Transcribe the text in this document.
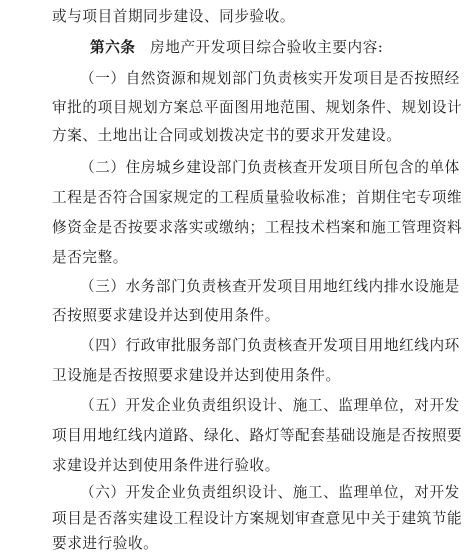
或与项目首期同步建设、同步验收。
第六条 房地产开发项目综合验收主要内容:
（一）自然资源和规划部门负责核实开发项目是否按照经
审批的项目规划方案总平面图用地范围、规划条件、规划设计
方案、土地出让合同或划拨决定书的要求开发建设。
（二）住房城乡建设部门负责核查开发项目所包含的单体
工程是否符合国家规定的工程质量验收标准；首期住宅专项维
修资金是否按要求落实或缴纳；工程技术档案和施工管理资料
是否完整。
（三）水务部门负责核查开发项目用地红线内排水设施是
否按照要求建设并达到使用条件。
（四）行政审批服务部门负责核查开发项目用地红线内环
卫设施是否按照要求建设并达到使用条件。
（五）开发企业负责组织设计、施工、监理单位，对开发
项目用地红线内道路、绿化、路灯等配套基础设施是否按照要
求建设并达到使用条件进行验收。
（六）开发企业负责组织设计、施工、监理单位，对开发
项目是否落实建设工程设计方案规划审查意见中关于建筑节能
要求进行验收。
